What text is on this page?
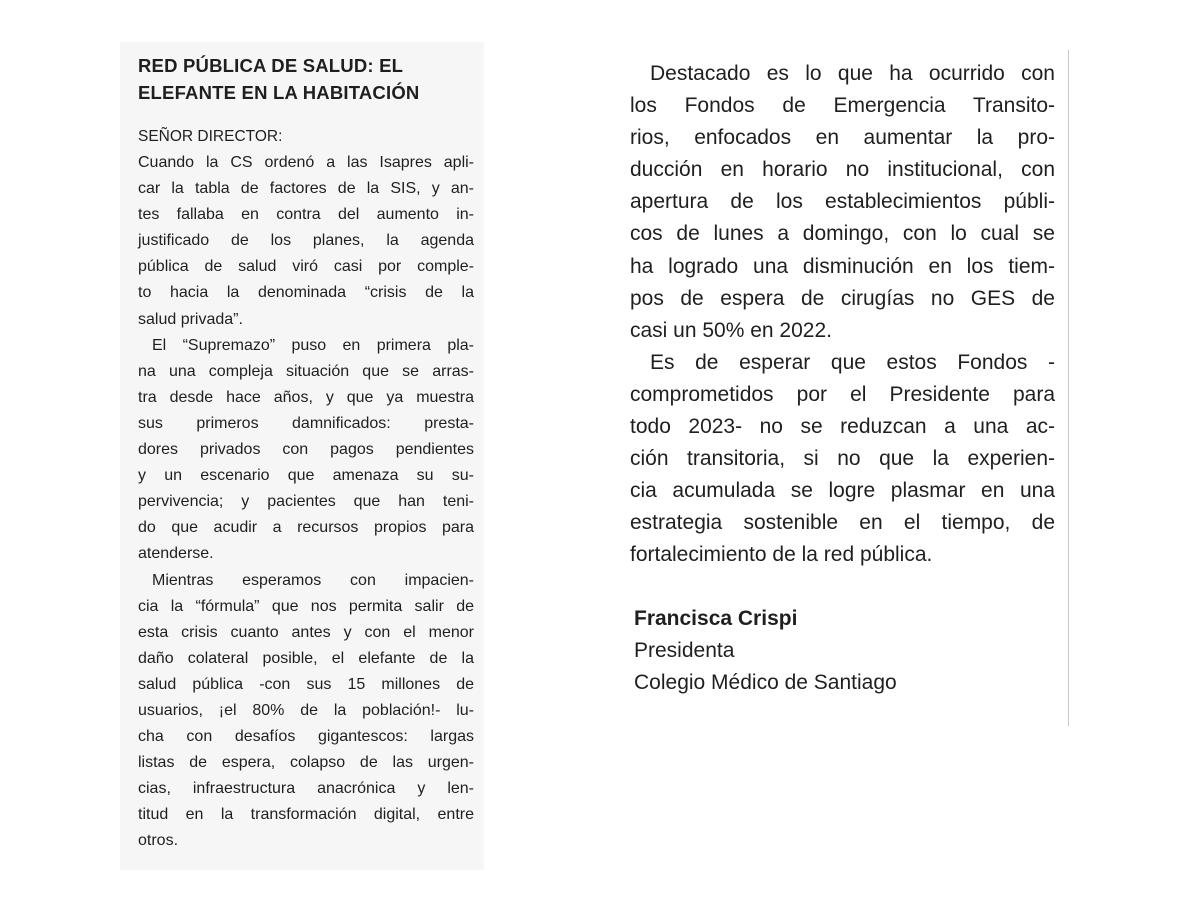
RED PÚBLICA DE SALUD: EL
ELEFANTE EN LA HABITACIÓN

SEÑOR DIRECTOR:

Cuando la CS ordenó a las Isapres apli-
car la tabla de factores de la SIS, y an-
tes fallaba en contra del aumento in-
justificado de los planes, la agenda
pública de salud viró casi por comple-
to hacia la denominada “crisis de la
salud privada”.
El “Supremazo” puso en primera pla-
na una compleja situación que se arras-
tra desde hace años, y que ya muestra
sus primeros damnificados: presta-
dores privados con pagos pendientes
y un escenario que amenaza su su-
pervivencia; y pacientes que han teni-
do que acudir a recursos propios para
atenderse.
Mientras esperamos con impacien-
cia la “fórmula” que nos permita salir de
esta crisis cuanto antes y con el menor
daño colateral posible, el elefante de la
salud pública -con sus 15 millones de
usuarios, ¡el 80% de la población!- lu-
cha con desafíos gigantescos: largas
listas de espera, colapso de las urgen-
cias, infraestructura anacrónica y len-
titud en la transformación digital, entre
otros.
Destacado es lo que ha ocurrido con
los Fondos de Emergencia Transito-
rios, enfocados en aumentar la pro-
ducción en horario no institucional, con
apertura de los establecimientos públi-
cos de lunes a domingo, con lo cual se
ha logrado una disminución en los tiem-
pos de espera de cirugías no GES de
casi un 50% en 2022.
Es de esperar que estos Fondos -
comprometidos por el Presidente para
todo 2023- no se reduzcan a una ac-
ción transitoria, si no que la experien-
cia acumulada se logre plasmar en una
estrategia sostenible en el tiempo, de
fortalecimiento de la red pública.

Francisca Crispi

Presidenta

Colegio Médico de Santiago
